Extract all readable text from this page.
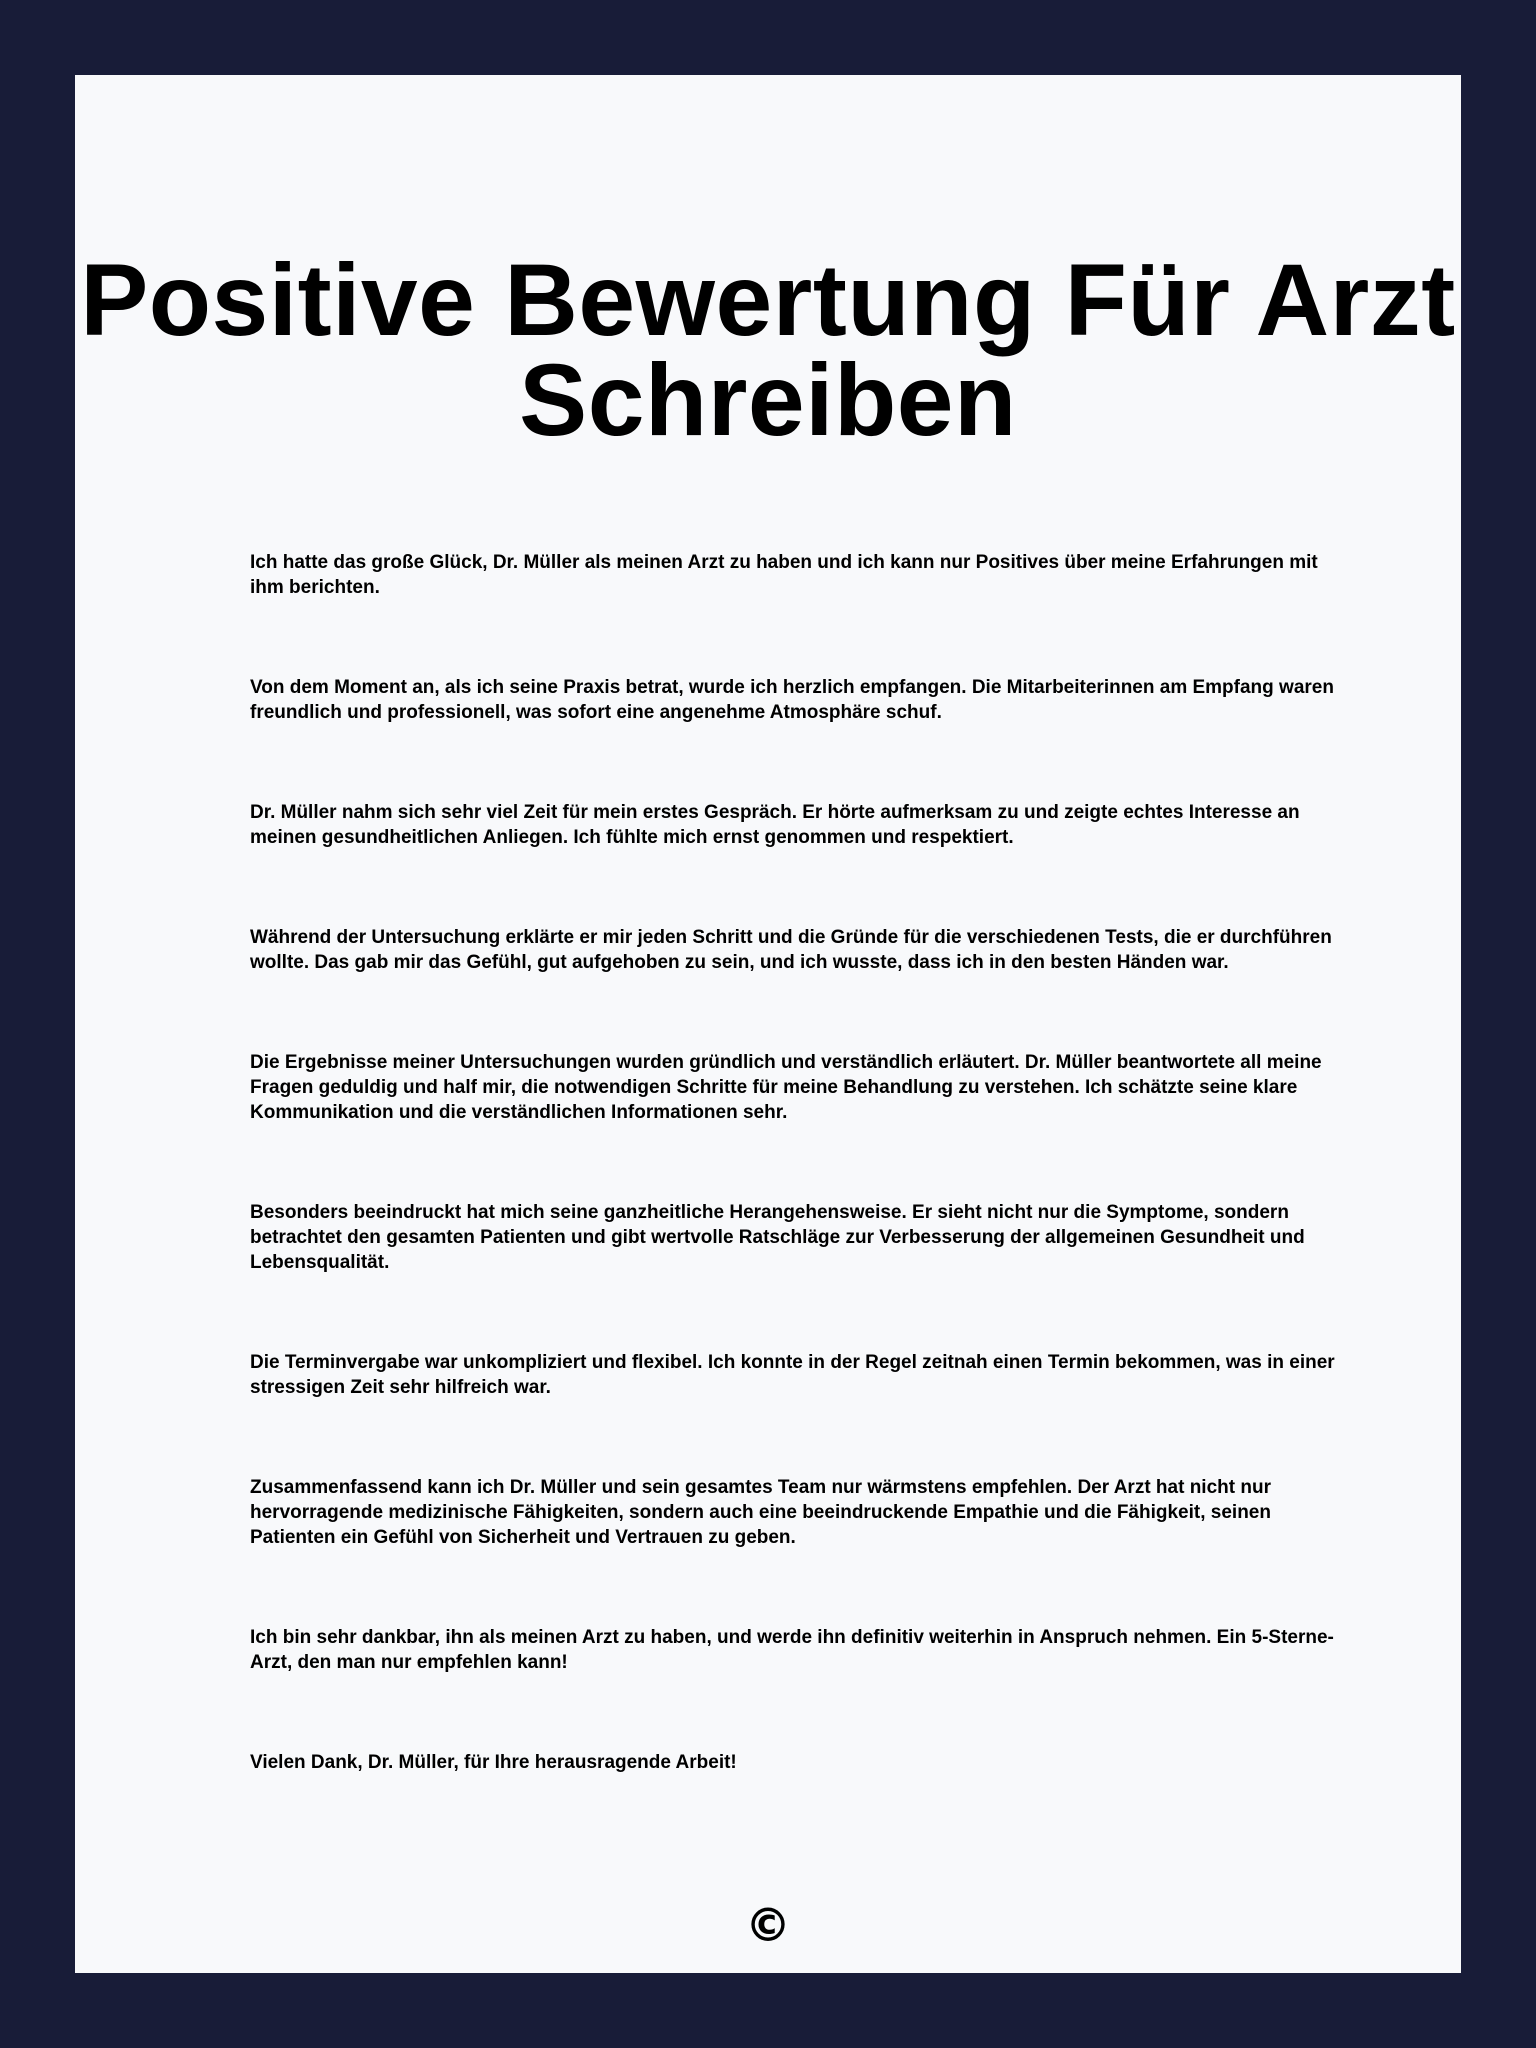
Positive Bewertung Für Arzt Schreiben

Ich hatte das große Glück, Dr. Müller als meinen Arzt zu haben und ich kann nur Positives über meine Erfahrungen mit ihm berichten.

Von dem Moment an, als ich seine Praxis betrat, wurde ich herzlich empfangen. Die Mitarbeiterinnen am Empfang waren freundlich und professionell, was sofort eine angenehme Atmosphäre schuf.

Dr. Müller nahm sich sehr viel Zeit für mein erstes Gespräch. Er hörte aufmerksam zu und zeigte echtes Interesse an meinen gesundheitlichen Anliegen. Ich fühlte mich ernst genommen und respektiert.

Während der Untersuchung erklärte er mir jeden Schritt und die Gründe für die verschiedenen Tests, die er durchführen wollte. Das gab mir das Gefühl, gut aufgehoben zu sein, und ich wusste, dass ich in den besten Händen war.

Die Ergebnisse meiner Untersuchungen wurden gründlich und verständlich erläutert. Dr. Müller beantwortete all meine Fragen geduldig und half mir, die notwendigen Schritte für meine Behandlung zu verstehen. Ich schätzte seine klare Kommunikation und die verständlichen Informationen sehr.

Besonders beeindruckt hat mich seine ganzheitliche Herangehensweise. Er sieht nicht nur die Symptome, sondern betrachtet den gesamten Patienten und gibt wertvolle Ratschläge zur Verbesserung der allgemeinen Gesundheit und Lebensqualität.

Die Terminvergabe war unkompliziert und flexibel. Ich konnte in der Regel zeitnah einen Termin bekommen, was in einer stressigen Zeit sehr hilfreich war.

Zusammenfassend kann ich Dr. Müller und sein gesamtes Team nur wärmstens empfehlen. Der Arzt hat nicht nur hervorragende medizinische Fähigkeiten, sondern auch eine beeindruckende Empathie und die Fähigkeit, seinen Patienten ein Gefühl von Sicherheit und Vertrauen zu geben.

Ich bin sehr dankbar, ihn als meinen Arzt zu haben, und werde ihn definitiv weiterhin in Anspruch nehmen. Ein 5-Sterne-Arzt, den man nur empfehlen kann!

Vielen Dank, Dr. Müller, für Ihre herausragende Arbeit!

©
